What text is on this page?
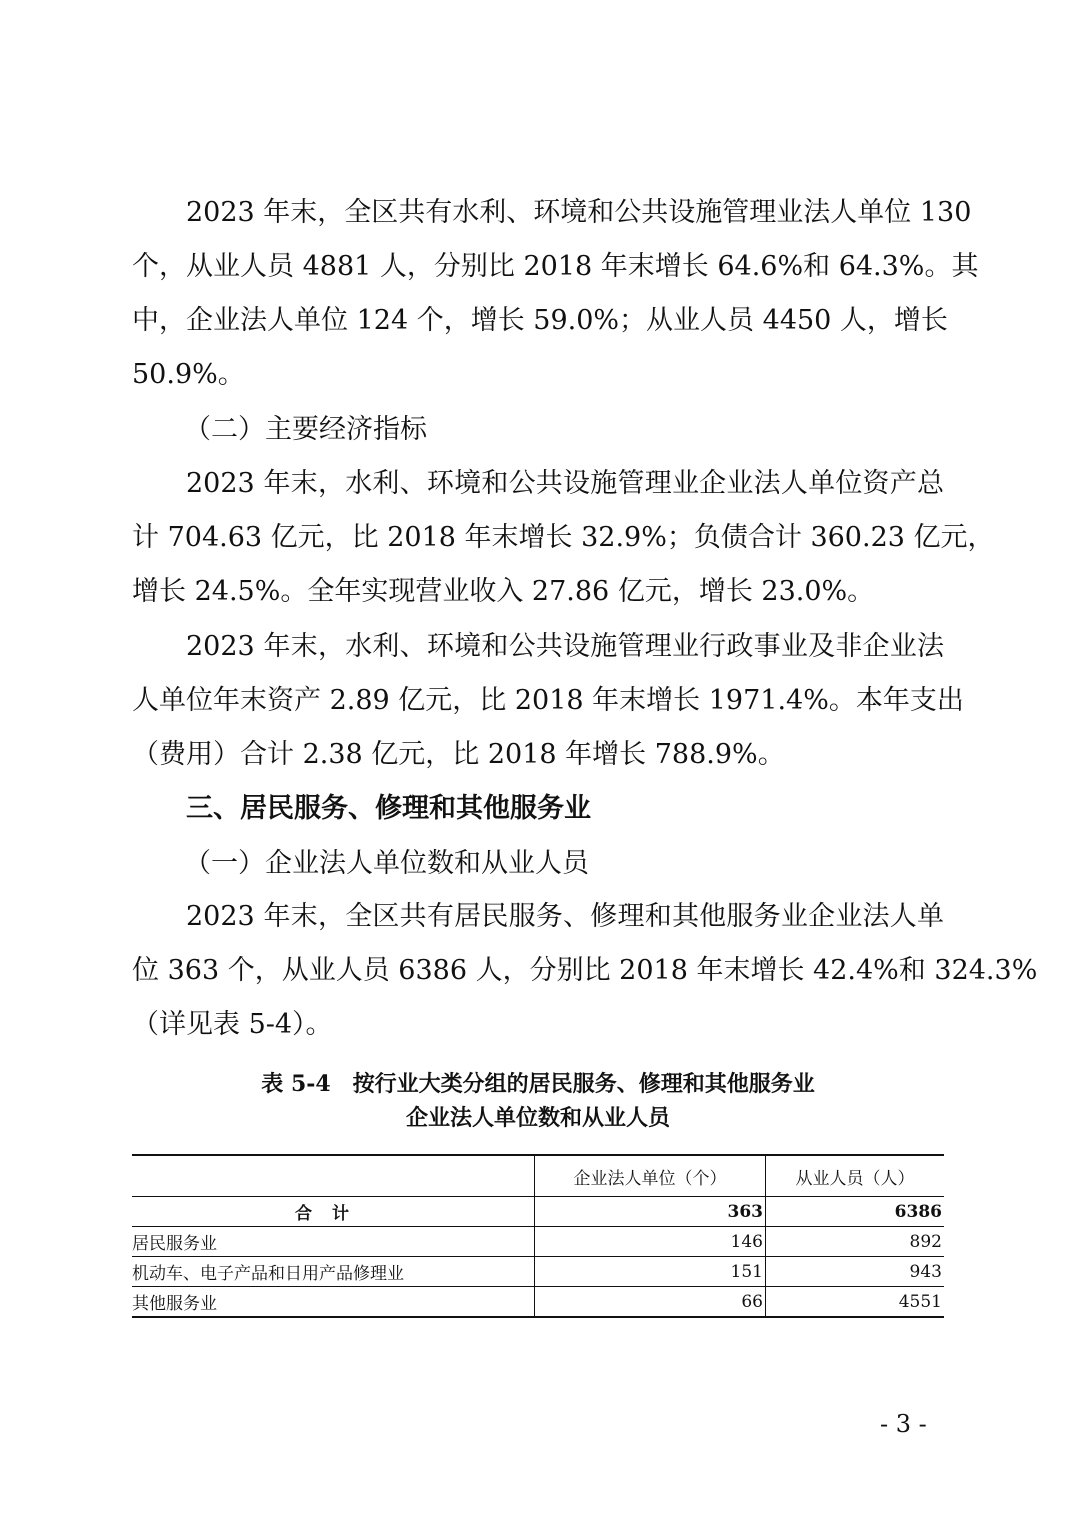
2023 年末，全区共有水利、环境和公共设施管理业法人单位 130
个，从业人员 4881 人，分别比 2018 年末增长 64.6%和 64.3%。其
中，企业法人单位 124 个，增长 59.0%；从业人员 4450 人，增长
50.9%。

（二）主要经济指标

2023 年末，水利、环境和公共设施管理业企业法人单位资产总
计 704.63 亿元，比 2018 年末增长 32.9%；负债合计 360.23 亿元，
增长 24.5%。全年实现营业收入 27.86 亿元，增长 23.0%。
2023 年末，水利、环境和公共设施管理业行政事业及非企业法
人单位年末资产 2.89 亿元，比 2018 年末增长 1971.4%。本年支出
（费用）合计 2.38 亿元，比 2018 年增长 788.9%。

三、居民服务、修理和其他服务业

（一）企业法人单位数和从业人员

2023 年末，全区共有居民服务、修理和其他服务业企业法人单
位 363 个，从业人员 6386 人，分别比 2018 年末增长 42.4%和 324.3%
（详见表 5-4）。

表 5-4　按行业大类分组的居民服务、修理和其他服务业

企业法人单位数和从业人员

	企业法人单位（个）	从业人员（人）
合计	363	6386
居民服务业	146	892
机动车、电子产品和日用产品修理业	151	943
其他服务业	66	4551
- 3 -
